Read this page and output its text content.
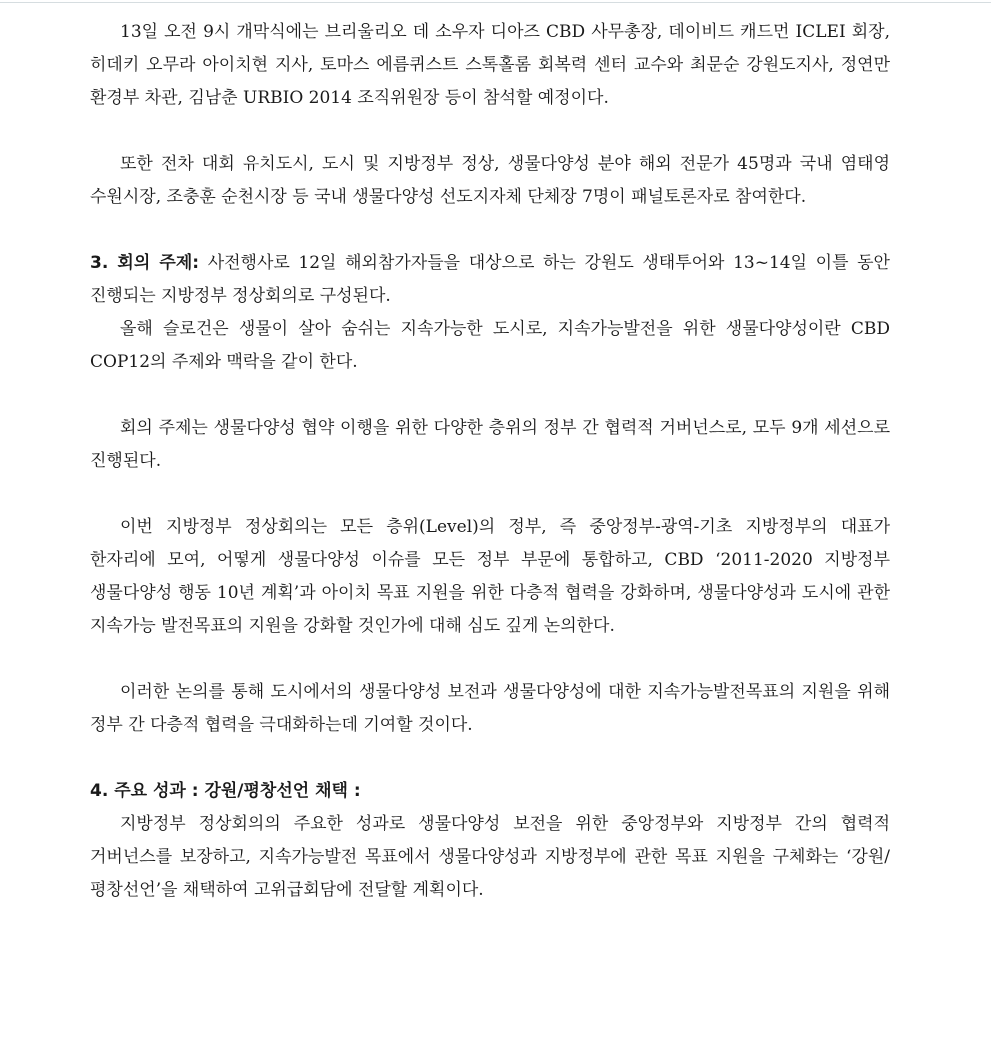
13일 오전 9시 개막식에는 브리울리오 데 소우자 디아즈 CBD 사무총장, 데이비드 캐드먼 ICLEI 회장, 히데키 오무라 아이치현 지사, 토마스 에름퀴스트 스톡홀롬 회복력 센터 교수와 최문순 강원도지사, 정연만 환경부 차관, 김남춘 URBIO 2014 조직위원장 등이 참석할 예정이다.

또한 전차 대회 유치도시, 도시 및 지방정부 정상, 생물다양성 분야 해외 전문가 45명과 국내 염태영 수원시장, 조충훈 순천시장 등 국내 생물다양성 선도지자체 단체장 7명이 패널토론자로 참여한다.

3. 회의 주제: 사전행사로 12일 해외참가자들을 대상으로 하는 강원도 생태투어와 13~14일 이틀 동안 진행되는 지방정부 정상회의로 구성된다.

올해 슬로건은 생물이 살아 숨쉬는 지속가능한 도시로, 지속가능발전을 위한 생물다양성이란 CBD COP12의 주제와 맥락을 같이 한다.

회의 주제는 생물다양성 협약 이행을 위한 다양한 층위의 정부 간 협력적 거버넌스로, 모두 9개 세션으로 진행된다.

이번 지방정부 정상회의는 모든 층위(Level)의 정부, 즉 중앙정부-광역-기초 지방정부의 대표가 한자리에 모여, 어떻게 생물다양성 이슈를 모든 정부 부문에 통합하고, CBD ‘2011-2020 지방정부 생물다양성 행동 10년 계획’과 아이치 목표 지원을 위한 다층적 협력을 강화하며, 생물다양성과 도시에 관한 지속가능 발전목표의 지원을 강화할 것인가에 대해 심도 깊게 논의한다.

이러한 논의를 통해 도시에서의 생물다양성 보전과 생물다양성에 대한 지속가능발전목표의 지원을 위해 정부 간 다층적 협력을 극대화하는데 기여할 것이다.

4. 주요 성과 : 강원/평창선언 채택 :

지방정부 정상회의의 주요한 성과로 생물다양성 보전을 위한 중앙정부와 지방정부 간의 협력적 거버넌스를 보장하고, 지속가능발전 목표에서 생물다양성과 지방정부에 관한 목표 지원을 구체화는 ‘강원/평창선언’을 채택하여 고위급회담에 전달할 계획이다.
